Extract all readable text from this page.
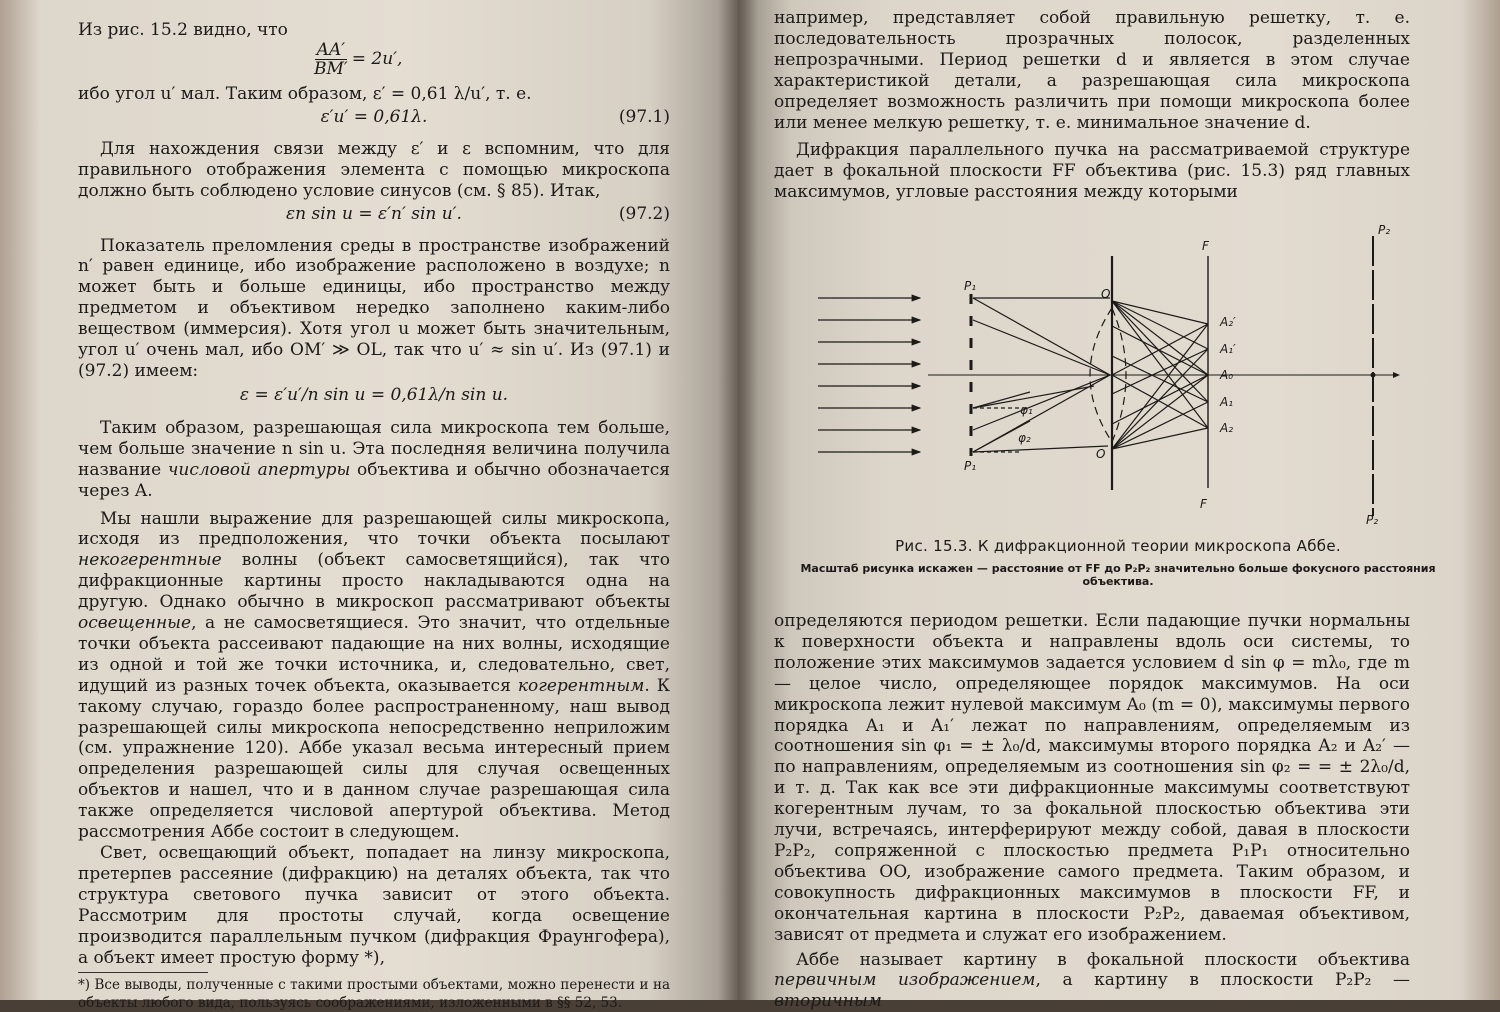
Из рис. 15.2 видно, что

$\frac{AA'}{BM'} = 2u'$,

ибо угол u′ мал. Таким образом, ε′ = 0,61 λ/u′, т. е.

ε′u′ = 0,61λ.	(97.1)

Для нахождения связи между ε′ и ε вспомним, что для правильного отображения элемента с помощью микроскопа должно быть соблюдено условие синусов (см. § 85). Итак,

εn sin u = ε′n′ sin u′.	(97.2)

Показатель преломления среды в пространстве изображений n′ равен единице, ибо изображение расположено в воздухе; n может быть и больше единицы, ибо пространство между предметом и объективом нередко заполнено каким-либо веществом (иммерсия). Хотя угол u может быть значительным, угол u′ очень мал, ибо OM′ ≫ OL, так что u′ ≈ sin u′. Из (97.1) и (97.2) имеем:

ε = ε′u′/n sin u = 0,61λ/n sin u.

Таким образом, разрешающая сила микроскопа тем больше, чем больше значение n sin u. Эта последняя величина получила название числовой апертуры объектива и обычно обозначается через A.

Мы нашли выражение для разрешающей силы микроскопа, исходя из предположения, что точки объекта посылают некогерентные волны (объект самосветящийся), так что дифракционные картины просто накладываются одна на другую. Однако обычно в микроскоп рассматривают объекты освещенные, а не самосветящиеся. Это значит, что отдельные точки объекта рассеивают падающие на них волны, исходящие из одной и той же точки источника, и, следовательно, свет, идущий из разных точек объекта, оказывается когерентным. К такому случаю, гораздо более распространенному, наш вывод разрешающей силы микроскопа непосредственно неприложим (см. упражнение 120). Аббе указал весьма интересный прием определения разрешающей силы для случая освещенных объектов и нашел, что и в данном случае разрешающая сила также определяется числовой апертурой объектива. Метод рассмотрения Аббе состоит в следующем.

Свет, освещающий объект, попадает на линзу микроскопа, претерпев рассеяние (дифракцию) на деталях объекта, так что структура светового пучка зависит от этого объекта. Рассмотрим для простоты случай, когда освещение производится параллельным пучком (дифракция Фраунгофера), а объект имеет простую форму *),

*) Все выводы, полученные с такими простыми объектами, можно перенести и на объекты любого вида, пользуясь соображениями, изложенными в §§ 52, 53.

например, представляет собой правильную решетку, т. е. последовательность прозрачных полосок, разделенных непрозрачными. Период решетки d и является в этом случае характеристикой детали, а разрешающая сила микроскопа определяет возможность различить при помощи микроскопа более или менее мелкую решетку, т. е. минимальное значение d.

Дифракция параллельного пучка на рассматриваемой структуре дает в фокальной плоскости FF объектива (рис. 15.3) ряд главных максимумов, угловые расстояния между которыми

P₁
P₁
O
O
F
F
P₂
P₂
A₂′
A₁′
A₀
A₁
A₂
φ₁
φ₂
Рис. 15.3. К дифракционной теории микроскопа Аббе.
Масштаб рисунка искажен — расстояние от FF до P₂P₂ значительно больше фокусного расстояния объектива.

определяются периодом решетки. Если падающие пучки нормальны к поверхности объекта и направлены вдоль оси системы, то положение этих максимумов задается условием d sin φ = mλ₀, где m — целое число, определяющее порядок максимумов. На оси микроскопа лежит нулевой максимум A₀ (m = 0), максимумы первого порядка A₁ и A₁′ лежат по направлениям, определяемым из соотношения sin φ₁ = ± λ₀/d, максимумы второго порядка A₂ и A₂′ — по направлениям, определяемым из соотношения sin φ₂ = = ± 2λ₀/d, и т. д. Так как все эти дифракционные максимумы соответствуют когерентным лучам, то за фокальной плоскостью объектива эти лучи, встречаясь, интерферируют между собой, давая в плоскости P₂P₂, сопряженной с плоскостью предмета P₁P₁ относительно объектива OO, изображение самого предмета. Таким образом, и совокупность дифракционных максимумов в плоскости FF, и окончательная картина в плоскости P₂P₂, даваемая объективом, зависят от предмета и служат его изображением.

Аббе называет картину в фокальной плоскости объектива первичным изображением, а картину в плоскости P₂P₂ — вторичным
